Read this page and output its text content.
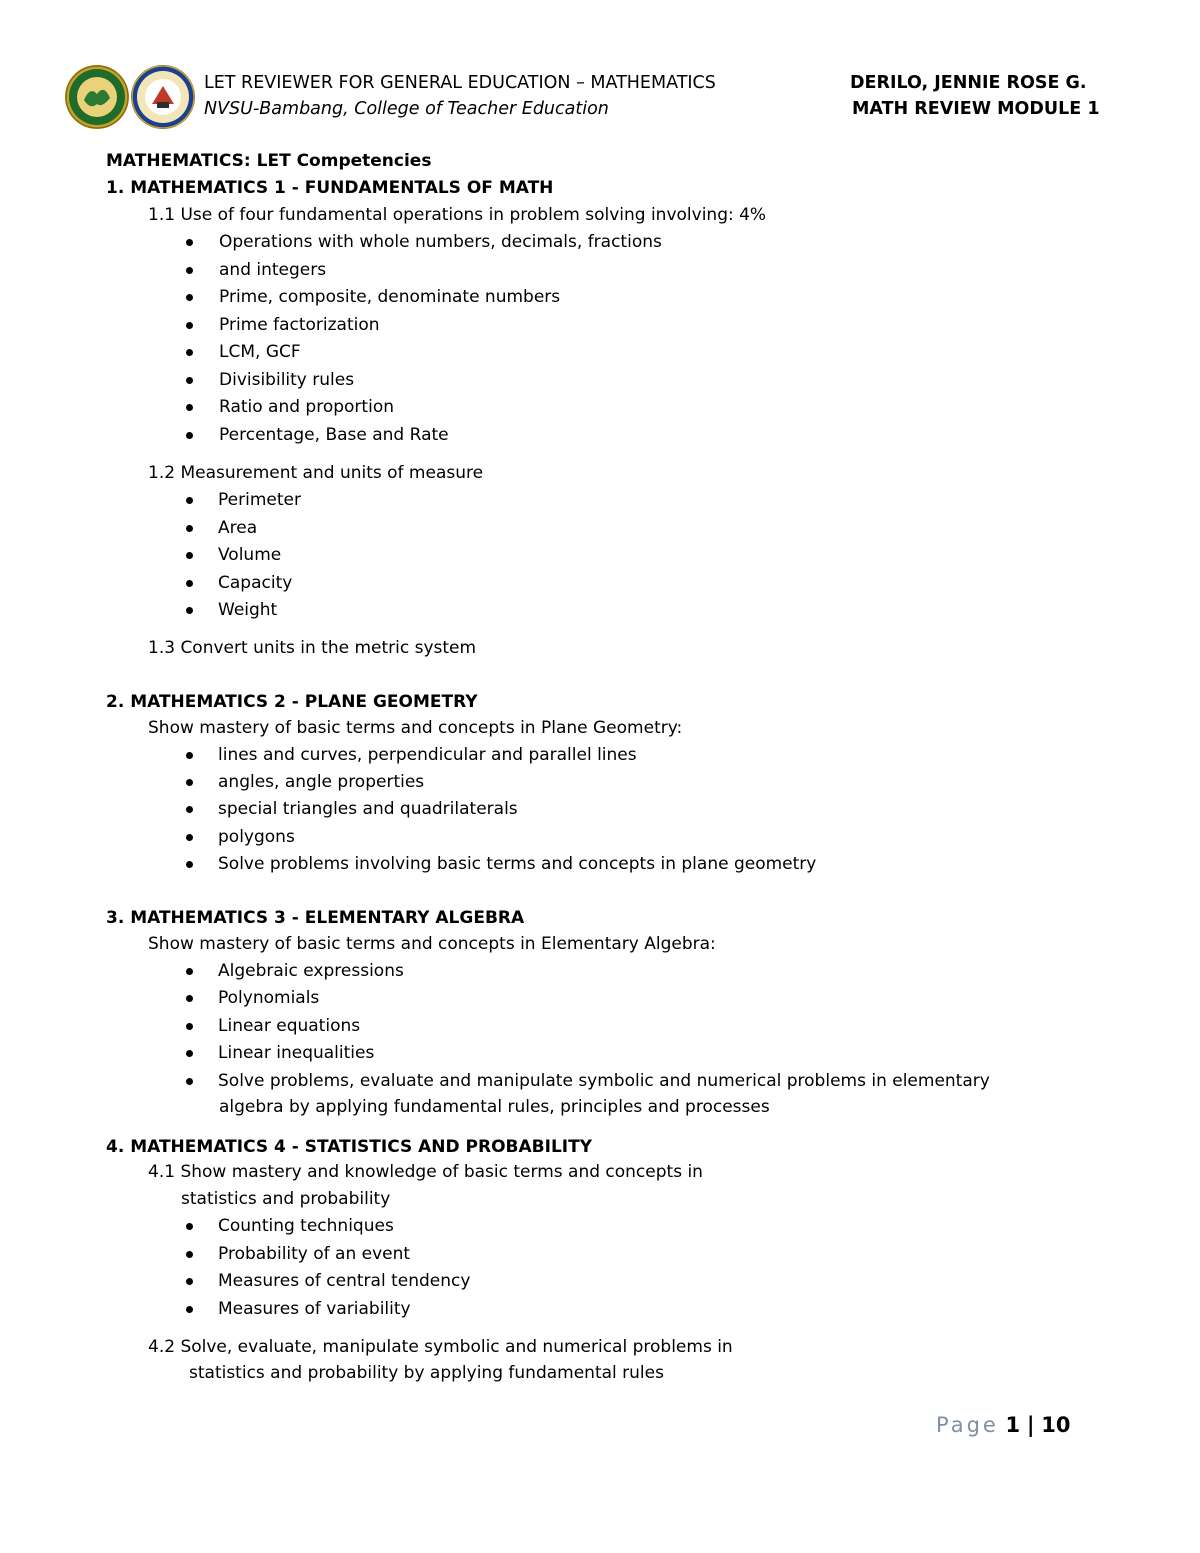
LET REVIEWER FOR GENERAL EDUCATION – MATHEMATICS
NVSU-Bambang, College of Teacher Education
DERILO, JENNIE ROSE G.
MATH REVIEW MODULE 1
MATHEMATICS: LET Competencies
1. MATHEMATICS 1 - FUNDAMENTALS OF MATH
1.1 Use of four fundamental operations in problem solving involving: 4%
Operations with whole numbers, decimals, fractions
and integers
Prime, composite, denominate numbers
Prime factorization
LCM, GCF
Divisibility rules
Ratio and proportion
Percentage, Base and Rate
1.2 Measurement and units of measure
Perimeter
Area
Volume
Capacity
Weight
1.3 Convert units in the metric system
2. MATHEMATICS 2 - PLANE GEOMETRY
Show mastery of basic terms and concepts in Plane Geometry:
lines and curves, perpendicular and parallel lines
angles, angle properties
special triangles and quadrilaterals
polygons
Solve problems involving basic terms and concepts in plane geometry
3. MATHEMATICS 3 - ELEMENTARY ALGEBRA
Show mastery of basic terms and concepts in Elementary Algebra:
Algebraic expressions
Polynomials
Linear equations
Linear inequalities
Solve problems, evaluate and manipulate symbolic and numerical problems in elementary
algebra by applying fundamental rules, principles and processes
4. MATHEMATICS 4 - STATISTICS AND PROBABILITY
4.1 Show mastery and knowledge of basic terms and concepts in
statistics and probability
Counting techniques
Probability of an event
Measures of central tendency
Measures of variability
4.2 Solve, evaluate, manipulate symbolic and numerical problems in
statistics and probability by applying fundamental rules
Page 1 | 10
